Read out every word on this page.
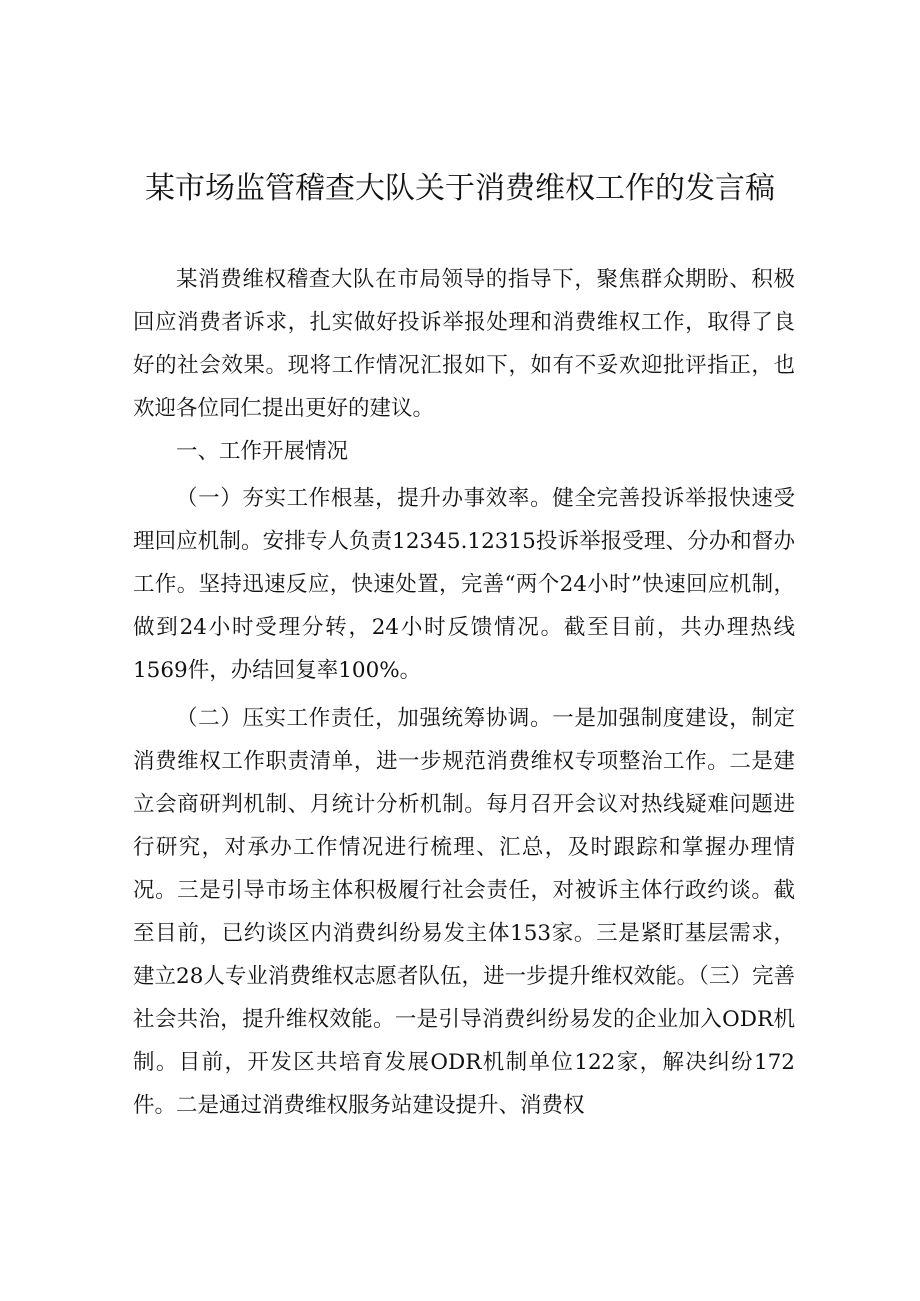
某市场监管稽查大队关于消费维权工作的发言稿

某消费维权稽查大队在市局领导的指导下，聚焦群众期盼、积极回应消费者诉求，扎实做好投诉举报处理和消费维权工作，取得了良好的社会效果。现将工作情况汇报如下，如有不妥欢迎批评指正，也欢迎各位同仁提出更好的建议。

一、工作开展情况

（一）夯实工作根基，提升办事效率。健全完善投诉举报快速受理回应机制。安排专人负责12345.12315投诉举报受理、分办和督办工作。坚持迅速反应，快速处置，完善“两个24小时”快速回应机制，做到24小时受理分转，24小时反馈情况。截至目前，共办理热线1569件，办结回复率100%。

（二）压实工作责任，加强统筹协调。一是加强制度建设，制定消费维权工作职责清单，进一步规范消费维权专项整治工作。二是建立会商研判机制、月统计分析机制。每月召开会议对热线疑难问题进行研究，对承办工作情况进行梳理、汇总，及时跟踪和掌握办理情况。三是引导市场主体积极履行社会责任，对被诉主体行政约谈。截至目前，已约谈区内消费纠纷易发主体153家。三是紧盯基层需求，建立28人专业消费维权志愿者队伍，进一步提升维权效能。（三）完善社会共治，提升维权效能。一是引导消费纠纷易发的企业加入ODR机制。目前，开发区共培育发展ODR机制单位122家，解决纠纷172件。二是通过消费维权服务站建设提升、消费权
